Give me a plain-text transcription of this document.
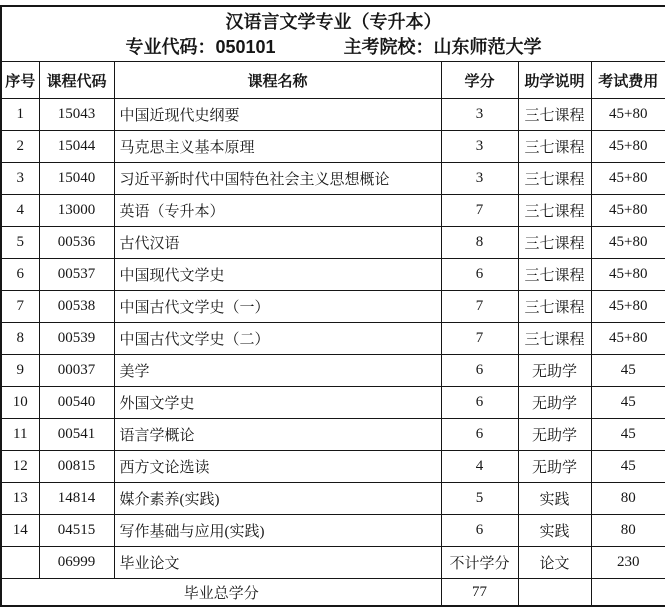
汉语言文学专业（专升本）
专业代码：050101 主考院校：山东师范大学					

序号	课程代码	课程名称	学分	助学说明	考试费用
1	15043	中国近现代史纲要	3	三七课程	45+80
2	15044	马克思主义基本原理	3	三七课程	45+80
3	15040	习近平新时代中国特色社会主义思想概论	3	三七课程	45+80
4	13000	英语（专升本）	7	三七课程	45+80
5	00536	古代汉语	8	三七课程	45+80
6	00537	中国现代文学史	6	三七课程	45+80
7	00538	中国古代文学史（一）	7	三七课程	45+80
8	00539	中国古代文学史（二）	7	三七课程	45+80
9	00037	美学	6	无助学	45
10	00540	外国文学史	6	无助学	45
11	00541	语言学概论	6	无助学	45
12	00815	西方文论选读	4	无助学	45
13	14814	媒介素养(实践)	5	实践	80
14	04515	写作基础与应用(实践)	6	实践	80
	06999	毕业论文	不计学分	论文	230
毕业总学分			77		
